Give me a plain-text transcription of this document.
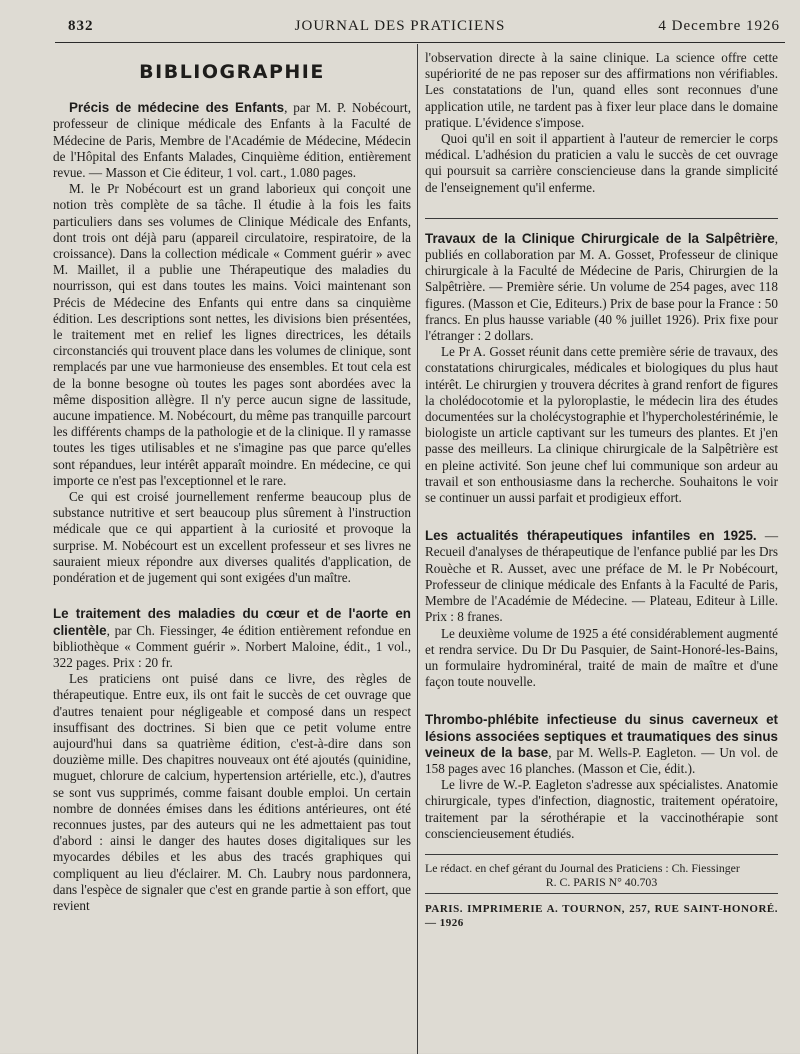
832	JOURNAL DES PRATICIENS	4 Decembre 1926
BIBLIOGRAPHIE

Précis de médecine des Enfants, par M. P. Nobécourt, professeur de clinique médicale des Enfants à la Faculté de Médecine de Paris, Membre de l'Académie de Médecine, Médecin de l'Hôpital des Enfants Malades, Cinquième édition, entièrement revue. — Masson et Cie éditeur, 1 vol. cart., 1.080 pages.

M. le Pr Nobécourt est un grand laborieux qui conçoit une notion très complète de sa tâche. Il étudie à la fois les faits particuliers dans ses volumes de Clinique Médicale des Enfants, dont trois ont déjà paru (appareil circulatoire, respiratoire, de la croissance). Dans la collection médicale « Comment guérir » avec M. Maillet, il a publie une Thérapeutique des maladies du nourrisson, qui est dans toutes les mains. Voici maintenant son Précis de Médecine des Enfants qui entre dans sa cinquième édition. Les descriptions sont nettes, les divisions bien présentées, le traitement met en relief les lignes directrices, les détails circonstanciés qui trouvent place dans les volumes de clinique, sont remplacés par une vue harmonieuse des ensembles. Et tout cela est de la bonne besogne où toutes les pages sont abordées avec la même disposition allègre. Il n'y perce aucun signe de lassitude, aucune impatience. M. Nobécourt, du même pas tranquille parcourt les différents champs de la pathologie et de la clinique. Il y ramasse toutes les tiges utilisables et ne s'imagine pas que parce qu'elles sont répandues, leur intérêt apparaît moindre. En médecine, ce qui importe ce n'est pas l'exceptionnel et le rare.

Ce qui est croisé journellement renferme beaucoup plus de substance nutritive et sert beaucoup plus sûrement à l'instruction médicale que ce qui appartient à la curiosité et provoque la surprise. M. Nobécourt est un excellent professeur et ses livres ne sauraient mieux répondre aux diverses qualités d'application, de pondération et de jugement qui sont exigées d'un maître.

Le traitement des maladies du cœur et de l'aorte en clientèle, par Ch. Fiessinger, 4e édition entièrement refondue en bibliothèque « Comment guérir ». Norbert Maloine, édit., 1 vol., 322 pages. Prix : 20 fr.

Les praticiens ont puisé dans ce livre, des règles de thérapeutique. Entre eux, ils ont fait le succès de cet ouvrage que d'autres tenaient pour négligeable et composé dans un respect insuffisant des doctrines. Si bien que ce petit volume entre aujourd'hui dans sa quatrième édition, c'est-à-dire dans son douzième mille. Des chapitres nouveaux ont été ajoutés (quinidine, muguet, chlorure de calcium, hypertension artérielle, etc.), d'autres se sont vus supprimés, comme faisant double emploi. Un certain nombre de données émises dans les éditions antérieures, ont été reconnues justes, par des auteurs qui ne les admettaient pas tout d'abord : ainsi le danger des hautes doses digitaliques sur les myocardes débiles et les abus des tracés graphiques qui compliquent au lieu d'éclairer. M. Ch. Laubry nous pardonnera, dans l'espèce de signaler que c'est en grande partie à son effort, que revient

l'observation directe à la saine clinique. La science offre cette supériorité de ne pas reposer sur des affirmations non vérifiables. Les constatations de l'un, quand elles sont reconnues d'une application utile, ne tardent pas à fixer leur place dans le domaine pratique. L'évidence s'impose.

Quoi qu'il en soit il appartient à l'auteur de remercier le corps médical. L'adhésion du praticien a valu le succès de cet ouvrage qui poursuit sa carrière consciencieuse dans la grande simplicité de l'enseignement qu'il enferme.

Travaux de la Clinique Chirurgicale de la Salpêtrière, publiés en collaboration par M. A. Gosset, Professeur de clinique chirurgicale à la Faculté de Médecine de Paris, Chirurgien de la Salpêtrière. — Première série. Un volume de 254 pages, avec 118 figures. (Masson et Cie, Editeurs.) Prix de base pour la France : 50 francs. En plus hausse variable (40 % juillet 1926). Prix fixe pour l'étranger : 2 dollars.

Le Pr A. Gosset réunit dans cette première série de travaux, des constatations chirurgicales, médicales et biologiques du plus haut intérêt. Le chirurgien y trouvera décrites à grand renfort de figures la cholédocotomie et la pyloroplastie, le médecin lira des études documentées sur la cholécystographie et l'hypercholestérinémie, le biologiste un article captivant sur les tumeurs des plantes. Et j'en passe des meilleurs. La clinique chirurgicale de la Salpêtrière est en pleine activité. Son jeune chef lui communique son ardeur au travail et son enthousiasme dans la recherche. Souhaitons le voir se continuer un aussi parfait et prodigieux effort.

Les actualités thérapeutiques infantiles en 1925. — Recueil d'analyses de thérapeutique de l'enfance publié par les Drs Rouèche et R. Ausset, avec une préface de M. le Pr Nobécourt, Professeur de clinique médicale des Enfants à la Faculté de Paris, Membre de l'Académie de Médecine. — Plateau, Editeur à Lille. Prix : 8 franes.

Le deuxième volume de 1925 a été considérablement augmenté et rendra service. Du Dr Du Pasquier, de Saint-Honoré-les-Bains, un formulaire hydrominéral, traité de main de maître et d'une façon toute nouvelle.

Thrombo-phlébite infectieuse du sinus caverneux et lésions associées septiques et traumatiques des sinus veineux de la base, par M. Wells-P. Eagleton. — Un vol. de 158 pages avec 16 planches. (Masson et Cie, édit.).

Le livre de W.-P. Eagleton s'adresse aux spécialistes. Anatomie chirurgicale, types d'infection, diagnostic, traitement opératoire, traitement par la sérothérapie et la vaccinothérapie sont consciencieusement étudiés.

Le rédact. en chef gérant du Journal des Praticiens : Ch. Fiessinger

R. C. PARIS N° 40.703

PARIS. IMPRIMERIE A. TOURNON, 257, RUE SAINT-HONORÉ. — 1926
